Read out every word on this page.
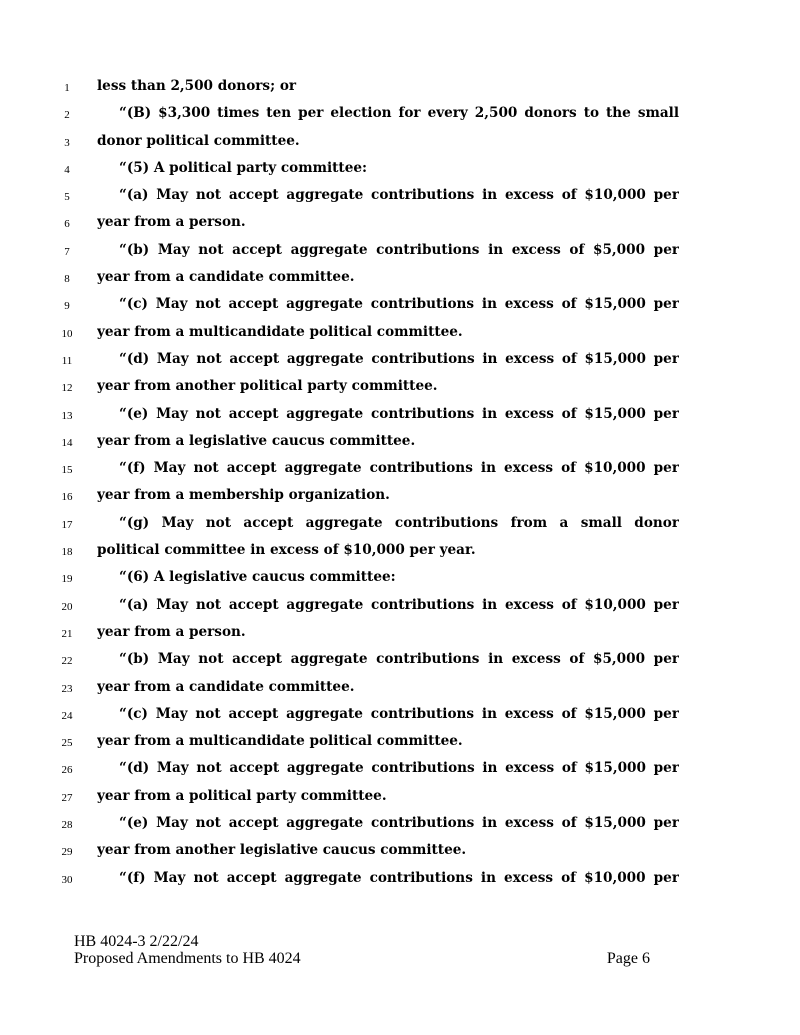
1	less than 2,500 donors; or
2	“(B) $3,300 times ten per election for every 2,500 donors to the small
3	donor political committee.
4	“(5) A political party committee:
5	“(a) May not accept aggregate contributions in excess of $10,000 per
6	year from a person.
7	“(b) May not accept aggregate contributions in excess of $5,000 per
8	year from a candidate committee.
9	“(c) May not accept aggregate contributions in excess of $15,000 per
10	year from a multicandidate political committee.
11	“(d) May not accept aggregate contributions in excess of $15,000 per
12	year from another political party committee.
13	“(e) May not accept aggregate contributions in excess of $15,000 per
14	year from a legislative caucus committee.
15	“(f) May not accept aggregate contributions in excess of $10,000 per
16	year from a membership organization.
17	“(g) May not accept aggregate contributions from a small donor
18	political committee in excess of $10,000 per year.
19	“(6) A legislative caucus committee:
20	“(a) May not accept aggregate contributions in excess of $10,000 per
21	year from a person.
22	“(b) May not accept aggregate contributions in excess of $5,000 per
23	year from a candidate committee.
24	“(c) May not accept aggregate contributions in excess of $15,000 per
25	year from a multicandidate political committee.
26	“(d) May not accept aggregate contributions in excess of $15,000 per
27	year from a political party committee.
28	“(e) May not accept aggregate contributions in excess of $15,000 per
29	year from another legislative caucus committee.
30	“(f) May not accept aggregate contributions in excess of $10,000 per
HB 4024-3 2/22/24
Proposed Amendments to HB 4024	Page 6
